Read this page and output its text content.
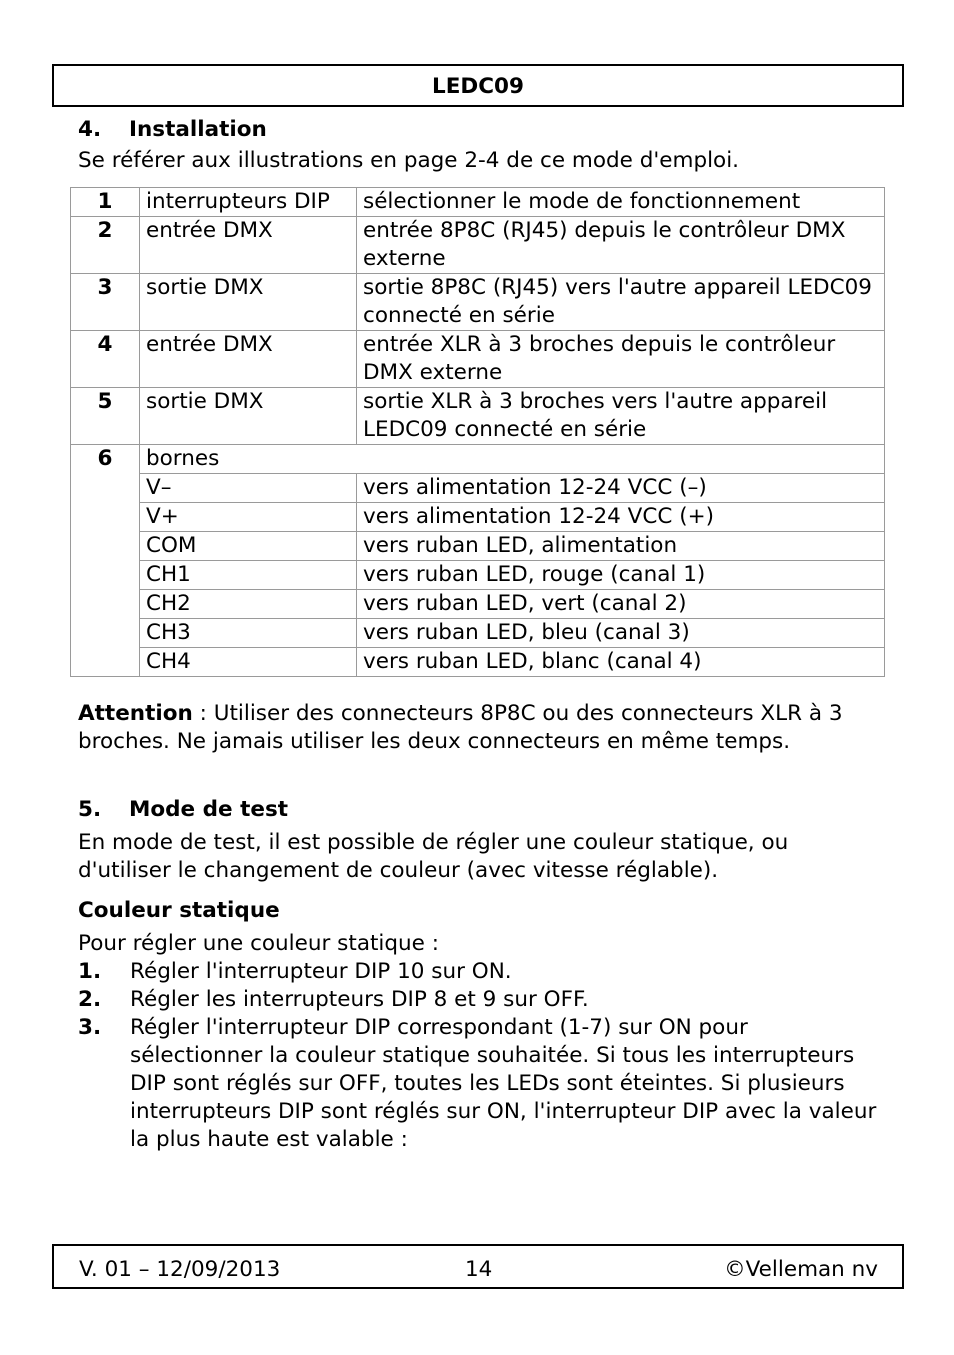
LEDC09
4. Installation
Se référer aux illustrations en page 2-4 de ce mode d'emploi.
1	interrupteurs DIP	sélectionner le mode de fonctionnement
2	entrée DMX	entrée 8P8C (RJ45) depuis le contrôleur DMX externe
3	sortie DMX	sortie 8P8C (RJ45) vers l'autre appareil LEDC09 connecté en série
4	entrée DMX	entrée XLR à 3 broches depuis le contrôleur DMX externe
5	sortie DMX	sortie XLR à 3 broches vers l'autre appareil LEDC09 connecté en série
6	bornes	
	V–	vers alimentation 12-24 VCC (–)
	V+	vers alimentation 12-24 VCC (+)
	COM	vers ruban LED, alimentation
	CH1	vers ruban LED, rouge (canal 1)
	CH2	vers ruban LED, vert (canal 2)
	CH3	vers ruban LED, bleu (canal 3)
	CH4	vers ruban LED, blanc (canal 4)
Attention : Utiliser des connecteurs 8P8C ou des connecteurs XLR à 3 broches. Ne jamais utiliser les deux connecteurs en même temps.
5. Mode de test
En mode de test, il est possible de régler une couleur statique, ou d'utiliser le changement de couleur (avec vitesse réglable).
Couleur statique
Pour régler une couleur statique :
1. Régler l'interrupteur DIP 10 sur ON.
2. Régler les interrupteurs DIP 8 et 9 sur OFF.
3. Régler l'interrupteur DIP correspondant (1-7) sur ON pour sélectionner la couleur statique souhaitée. Si tous les interrupteurs DIP sont réglés sur OFF, toutes les LEDs sont éteintes. Si plusieurs interrupteurs DIP sont réglés sur ON, l'interrupteur DIP avec la valeur la plus haute est valable :
V. 01 – 12/09/2013	14	©Velleman nv
